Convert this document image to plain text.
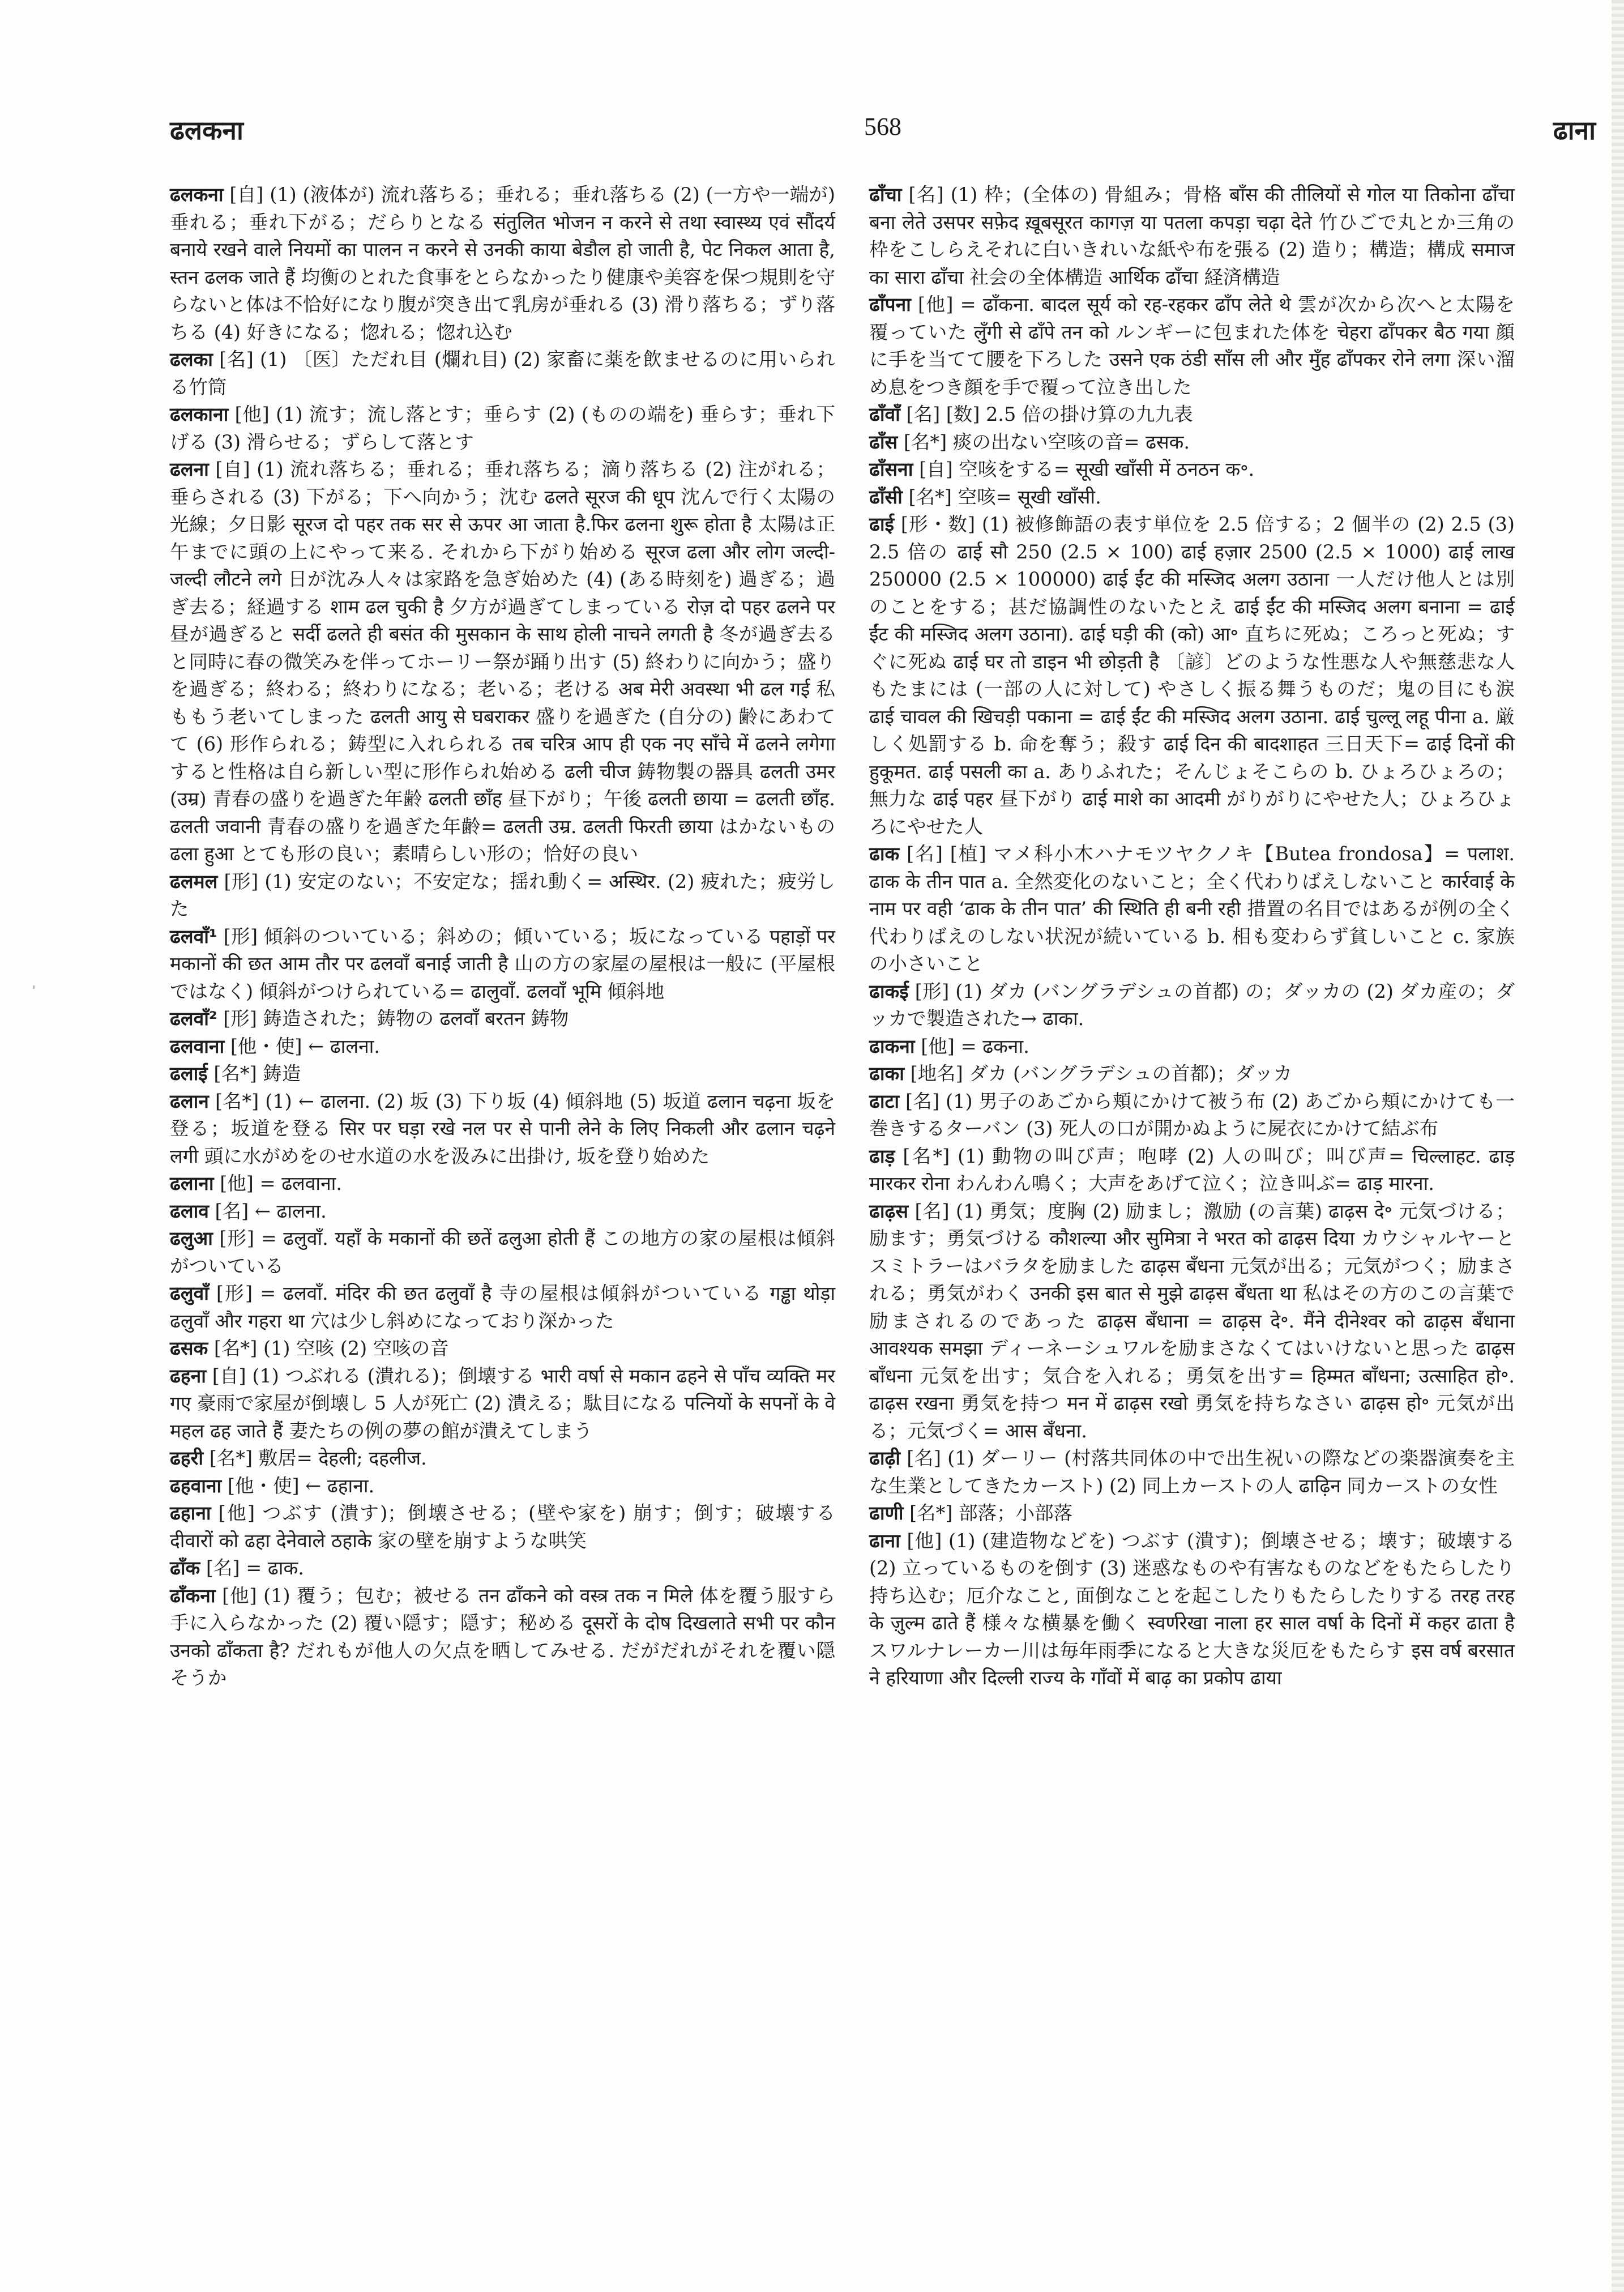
ढलकना	568	ढाना

ढलकना [自] (1) (液体が) 流れ落ちる；垂れる；垂れ落ちる (2) (一方や一端が) 垂れる；垂れ下がる；だらりとなる संतुलित भोजन न करने से तथा स्वास्थ्य एवं सौंदर्य बनाये रखने वाले नियमों का पालन न करने से उनकी काया बेडौल हो जाती है, पेट निकल आता है, स्तन ढलक जाते हैं 均衡のとれた食事をとらなかったり健康や美容を保つ規則を守らないと体は不恰好になり腹が突き出て乳房が垂れる (3) 滑り落ちる；ずり落ちる (4) 好きになる；惚れる；惚れ込む

ढलका [名] (1) 〔医〕ただれ目 (爛れ目) (2) 家畜に薬を飲ませるのに用いられる竹筒

ढलकाना [他] (1) 流す；流し落とす；垂らす (2) (ものの端を) 垂らす；垂れ下げる (3) 滑らせる；ずらして落とす

ढलना [自] (1) 流れ落ちる；垂れる；垂れ落ちる；滴り落ちる (2) 注がれる；垂らされる (3) 下がる；下へ向かう；沈む ढलते सूरज की धूप 沈んで行く太陽の光線；夕日影 सूरज दो पहर तक सर से ऊपर आ जाता है.फिर ढलना शुरू होता है 太陽は正午までに頭の上にやって来る. それから下がり始める सूरज ढला और लोग जल्दी-जल्दी लौटने लगे 日が沈み人々は家路を急ぎ始めた (4) (ある時刻を) 過ぎる；過ぎ去る；経過する शाम ढल चुकी है 夕方が過ぎてしまっている रोज़ दो पहर ढलने पर 昼が過ぎると सर्दी ढलते ही बसंत की मुसकान के साथ होली नाचने लगती है 冬が過ぎ去ると同時に春の微笑みを伴ってホーリー祭が踊り出す (5) 終わりに向かう；盛りを過ぎる；終わる；終わりになる；老いる；老ける अब मेरी अवस्था भी ढल गई 私ももう老いてしまった ढलती आयु से घबराकर 盛りを過ぎた (自分の) 齢にあわてて (6) 形作られる；鋳型に入れられる तब चरित्र आप ही एक नए साँचे में ढलने लगेगा すると性格は自ら新しい型に形作られ始める ढली चीज 鋳物製の器具 ढलती उमर (उम्र) 青春の盛りを過ぎた年齢 ढलती छाँह 昼下がり；午後 ढलती छाया = ढलती छाँह. ढलती जवानी 青春の盛りを過ぎた年齢= ढलती उम्र. ढलती फिरती छाया はかないもの ढला हुआ とても形の良い；素晴らしい形の；恰好の良い

ढलमल [形] (1) 安定のない；不安定な；揺れ動く= अस्थिर. (2) 疲れた；疲労した

ढलवाँ¹ [形] 傾斜のついている；斜めの；傾いている；坂になっている पहाड़ों पर मकानों की छत आम तौर पर ढलवाँ बनाई जाती है 山の方の家屋の屋根は一般に (平屋根ではなく) 傾斜がつけられている= ढालुवाँ. ढलवाँ भूमि 傾斜地

ढलवाँ² [形] 鋳造された；鋳物の ढलवाँ बरतन 鋳物

ढलवाना [他・使] ← ढालना.

ढलाई [名*] 鋳造

ढलान [名*] (1) ← ढालना. (2) 坂 (3) 下り坂 (4) 傾斜地 (5) 坂道 ढलान चढ़ना 坂を登る；坂道を登る सिर पर घड़ा रखे नल पर से पानी लेने के लिए निकली और ढलान चढ़ने लगी 頭に水がめをのせ水道の水を汲みに出掛け, 坂を登り始めた

ढलाना [他] = ढलवाना.

ढलाव [名] ← ढालना.

ढलुआ [形] = ढलुवाँ. यहाँ के मकानों की छतें ढलुआ होती हैं この地方の家の屋根は傾斜がついている

ढलुवाँ [形] = ढलवाँ. मंदिर की छत ढलुवाँ है 寺の屋根は傾斜がついている गड्ढा थोड़ा ढलुवाँ और गहरा था 穴は少し斜めになっており深かった

ढसक [名*] (1) 空咳 (2) 空咳の音

ढहना [自] (1) つぶれる (潰れる)；倒壊する भारी वर्षा से मकान ढहने से पाँच व्यक्ति मर गए 豪雨で家屋が倒壊し 5 人が死亡 (2) 潰える；駄目になる पत्नियों के सपनों के वे महल ढह जाते हैं 妻たちの例の夢の館が潰えてしまう

ढहरी [名*] 敷居= देहली; दहलीज.

ढहवाना [他・使] ← ढहाना.

ढहाना [他] つぶす (潰す)；倒壊させる；(壁や家を) 崩す；倒す；破壊する दीवारों को ढहा देनेवाले ठहाके 家の壁を崩すような哄笑

ढाँक [名] = ढाक.

ढाँकना [他] (1) 覆う；包む；被せる तन ढाँकने को वस्त्र तक न मिले 体を覆う服すら手に入らなかった (2) 覆い隠す；隠す；秘める दूसरों के दोष दिखलाते सभी पर कौन उनको ढाँकता है? だれもが他人の欠点を晒してみせる. だがだれがそれを覆い隠そうか

ढाँचा [名] (1) 枠；(全体の) 骨組み；骨格 बाँस की तीलियों से गोल या तिकोना ढाँचा बना लेते उसपर सफ़ेद ख़ूबसूरत कागज़ या पतला कपड़ा चढ़ा देते 竹ひごで丸とか三角の枠をこしらえそれに白いきれいな紙や布を張る (2) 造り；構造；構成 समाज का सारा ढाँचा 社会の全体構造 आर्थिक ढाँचा 経済構造

ढाँपना [他] = ढाँकना. बादल सूर्य को रह-रहकर ढाँप लेते थे 雲が次から次へと太陽を覆っていた लुँगी से ढाँपे तन को ルンギーに包まれた体を चेहरा ढाँपकर बैठ गया 顔に手を当てて腰を下ろした उसने एक ठंडी साँस ली और मुँह ढाँपकर रोने लगा 深い溜め息をつき顔を手で覆って泣き出した

ढाँवाँ [名] [数] 2.5 倍の掛け算の九九表

ढाँस [名*] 痰の出ない空咳の音= ढसक.

ढाँसना [自] 空咳をする= सूखी खाँसी में ठनठन क॰.

ढाँसी [名*] 空咳= सूखी खाँसी.

ढाई [形・数] (1) 被修飾語の表す単位を 2.5 倍する；2 個半の (2) 2.5 (3) 2.5 倍の ढाई सौ 250 (2.5 × 100) ढाई हज़ार 2500 (2.5 × 1000) ढाई लाख 250000 (2.5 × 100000) ढाई ईंट की मस्जिद अलग उठाना 一人だけ他人とは別のことをする；甚だ協調性のないたとえ ढाई ईंट की मस्जिद अलग बनाना = ढाई ईंट की मस्जिद अलग उठाना). ढाई घड़ी की (को) आ॰ 直ちに死ぬ；ころっと死ぬ；すぐに死ぬ ढाई घर तो डाइन भी छोड़ती है 〔諺〕どのような性悪な人や無慈悲な人もたまには (一部の人に対して) やさしく振る舞うものだ；鬼の目にも涙 ढाई चावल की खिचड़ी पकाना = ढाई ईंट की मस्जिद अलग उठाना. ढाई चुल्लू लहू पीना a. 厳しく処罰する b. 命を奪う；殺す ढाई दिन की बादशाहत 三日天下= ढाई दिनों की हुकूमत. ढाई पसली का a. ありふれた；そんじょそこらの b. ひょろひょろの；無力な ढाई पहर 昼下がり ढाई माशे का आदमी がりがりにやせた人；ひょろひょろにやせた人

ढाक [名] [植] マメ科小木ハナモツヤクノキ【Butea frondosa】= पलाश. ढाक के तीन पात a. 全然変化のないこと；全く代わりばえしないこと कार्रवाई के नाम पर वही ‘ढाक के तीन पात’ की स्थिति ही बनी रही 措置の名目ではあるが例の全く代わりばえのしない状況が続いている b. 相も変わらず貧しいこと c. 家族の小さいこと

ढाकई [形] (1) ダカ (バングラデシュの首都) の；ダッカの (2) ダカ産の；ダッカで製造された→ ढाका.

ढाकना [他] = ढकना.

ढाका [地名] ダカ (バングラデシュの首都)；ダッカ

ढाटा [名] (1) 男子のあごから頬にかけて被う布 (2) あごから頬にかけても一巻きするターバン (3) 死人の口が開かぬように屍衣にかけて結ぶ布

ढाड़ [名*] (1) 動物の叫び声；咆哮 (2) 人の叫び；叫び声= चिल्लाहट. ढाड़ मारकर रोना わんわん鳴く；大声をあげて泣く；泣き叫ぶ= ढाड़ मारना.

ढाढ़स [名] (1) 勇気；度胸 (2) 励まし；激励 (の言葉) ढाढ़स दे॰ 元気づける；励ます；勇気づける कौशल्या और सुमित्रा ने भरत को ढाढ़स दिया カウシャルヤーとスミトラーはバラタを励ました ढाढ़स बँधना 元気が出る；元気がつく；励まされる；勇気がわく उनकी इस बात से मुझे ढाढ़स बँधता था 私はその方のこの言葉で励まされるのであった ढाढ़स बँधाना = ढाढ़स दे॰. मैंने दीनेश्वर को ढाढ़स बँधाना आवश्यक समझा ディーネーシュワルを励まさなくてはいけないと思った ढाढ़स बाँधना 元気を出す；気合を入れる；勇気を出す= हिम्मत बाँधना; उत्साहित हो॰. ढाढ़स रखना 勇気を持つ मन में ढाढ़स रखो 勇気を持ちなさい ढाढ़स हो॰ 元気が出る；元気づく= आस बँधना.

ढाढ़ी [名] (1) ダーリー (村落共同体の中で出生祝いの際などの楽器演奏を主な生業としてきたカースト) (2) 同上カーストの人 ढाढ़िन 同カーストの女性

ढाणी [名*] 部落；小部落

ढाना [他] (1) (建造物などを) つぶす (潰す)；倒壊させる；壊す；破壊する (2) 立っているものを倒す (3) 迷惑なものや有害なものなどをもたらしたり持ち込む；厄介なこと, 面倒なことを起こしたりもたらしたりする तरह तरह के ज़ुल्म ढाते हैं 様々な横暴を働く स्वर्णरेखा नाला हर साल वर्षा के दिनों में कहर ढाता है スワルナレーカー川は毎年雨季になると大きな災厄をもたらす इस वर्ष बरसात ने हरियाणा और दिल्ली राज्य के गाँवों में बाढ़ का प्रकोप ढाया
